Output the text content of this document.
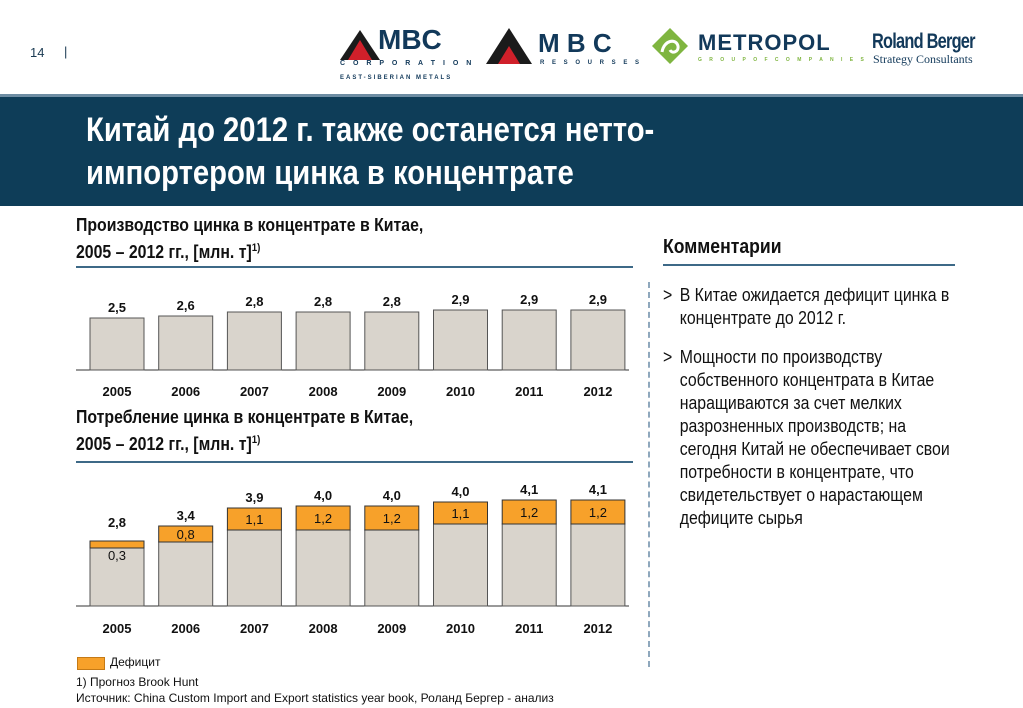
14 |	MBC
C O R P O R A T I O N
EAST-SIBERIAN METALS
M B C
R E S O U R S E S
METROPOL
G R O U P O F C O M P A N I E S
Roland Berger
Strategy Consultants
Китай до 2012 г. также останется нетто-
импортером цинка в концентрате
Производство цинка в концентрате в Китае,
2005 – 2012 гг., [млн. т]$^{1)}$
2,5
2005
2,6
2006
2,8
2007
2,8
2008
2,8
2009
2,9
2010
2,9
2011
2,9
2012
Потребление цинка в концентрате в Китае,
2005 – 2012 гг., [млн. т]$^{1)}$
0,3
2,8
2005
0,8
3,4
2006
1,1
3,9
2007
1,2
4,0
2008
1,2
4,0
2009
1,1
4,0
2010
1,2
4,1
2011
1,2
4,1
2012
Комментарии
> В Китае ожидается дефицит цинка в концентрате до 2012 г.
> Мощности по производству собственного концентрата в Китае наращиваются за счет мелких разрозненных производств; на сегодня Китай не обеспечивает свои потребности в концентрате, что свидетельствует о нарастающем дефиците сырья
Дефицит
1) Прогноз Brook Hunt
Источник: China Custom Import and Export statistics year book, Роланд Бергер - анализ
